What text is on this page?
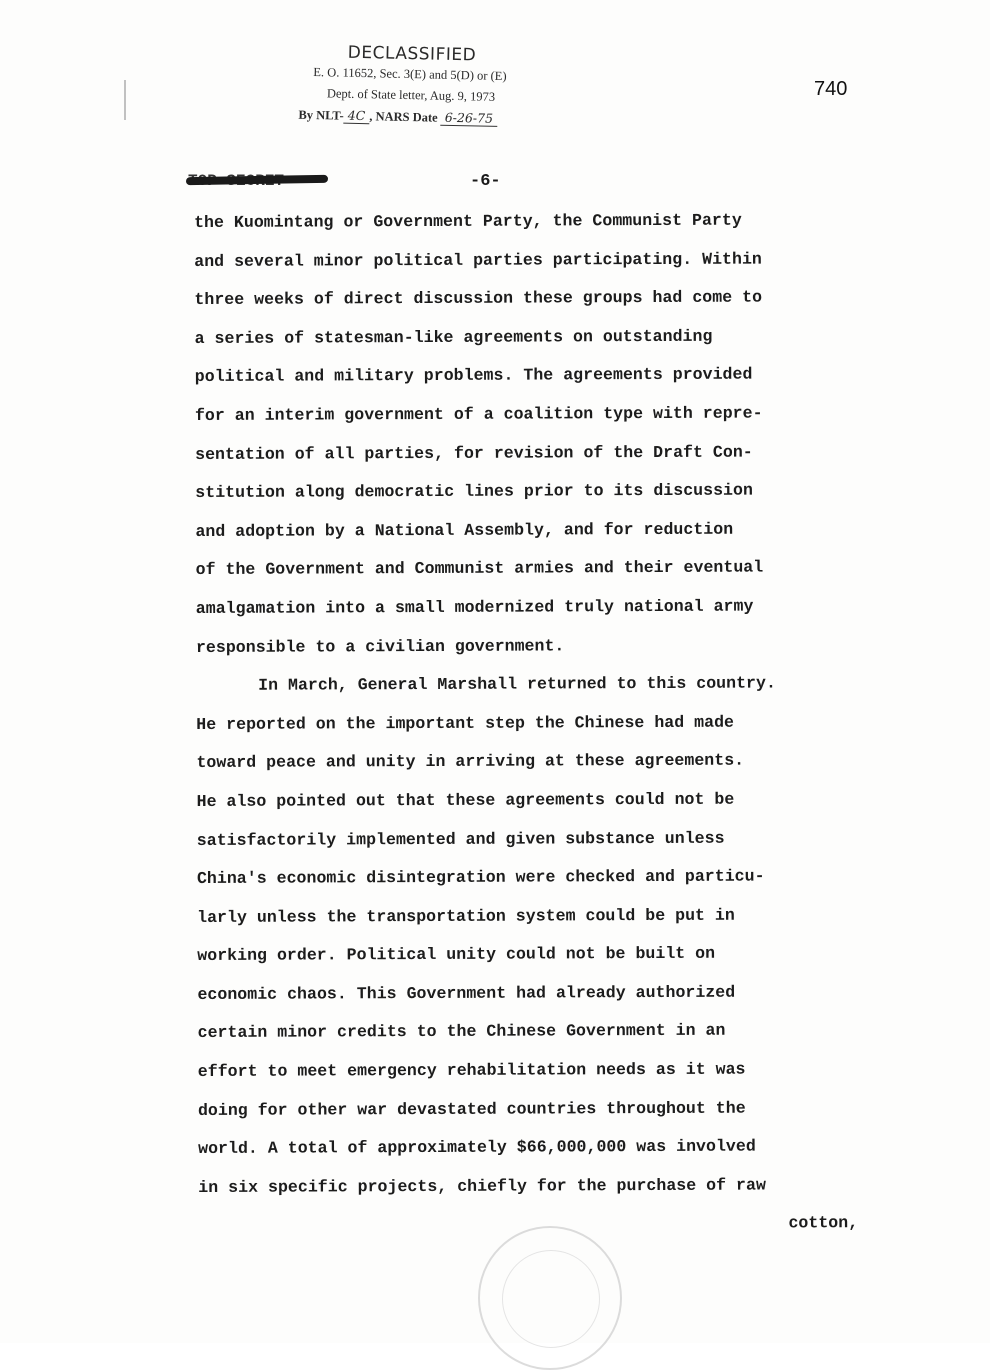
DECLASSIFIED
E. O. 11652, Sec. 3(E) and 5(D) or (E)
Dept. of State letter, Aug. 9, 1973
By NLT- 4C , NARS Date 6-26-75
740
-6-
the Kuomintang or Government Party, the Communist Party
and several minor political parties participating. Within
three weeks of direct discussion these groups had come to
a series of statesman-like agreements on outstanding
political and military problems. The agreements provided
for an interim government of a coalition type with repre-
sentation of all parties, for revision of the Draft Con-
stitution along democratic lines prior to its discussion
and adoption by a National Assembly, and for reduction
of the Government and Communist armies and their eventual
amalgamation into a small modernized truly national army
responsible to a civilian government.
In March, General Marshall returned to this country.
He reported on the important step the Chinese had made
toward peace and unity in arriving at these agreements.
He also pointed out that these agreements could not be
satisfactorily implemented and given substance unless
China's economic disintegration were checked and particu-
larly unless the transportation system could be put in
working order. Political unity could not be built on
economic chaos. This Government had already authorized
certain minor credits to the Chinese Government in an
effort to meet emergency rehabilitation needs as it was
doing for other war devastated countries throughout the
world. A total of approximately $66,000,000 was involved
in six specific projects, chiefly for the purchase of raw
cotton,
